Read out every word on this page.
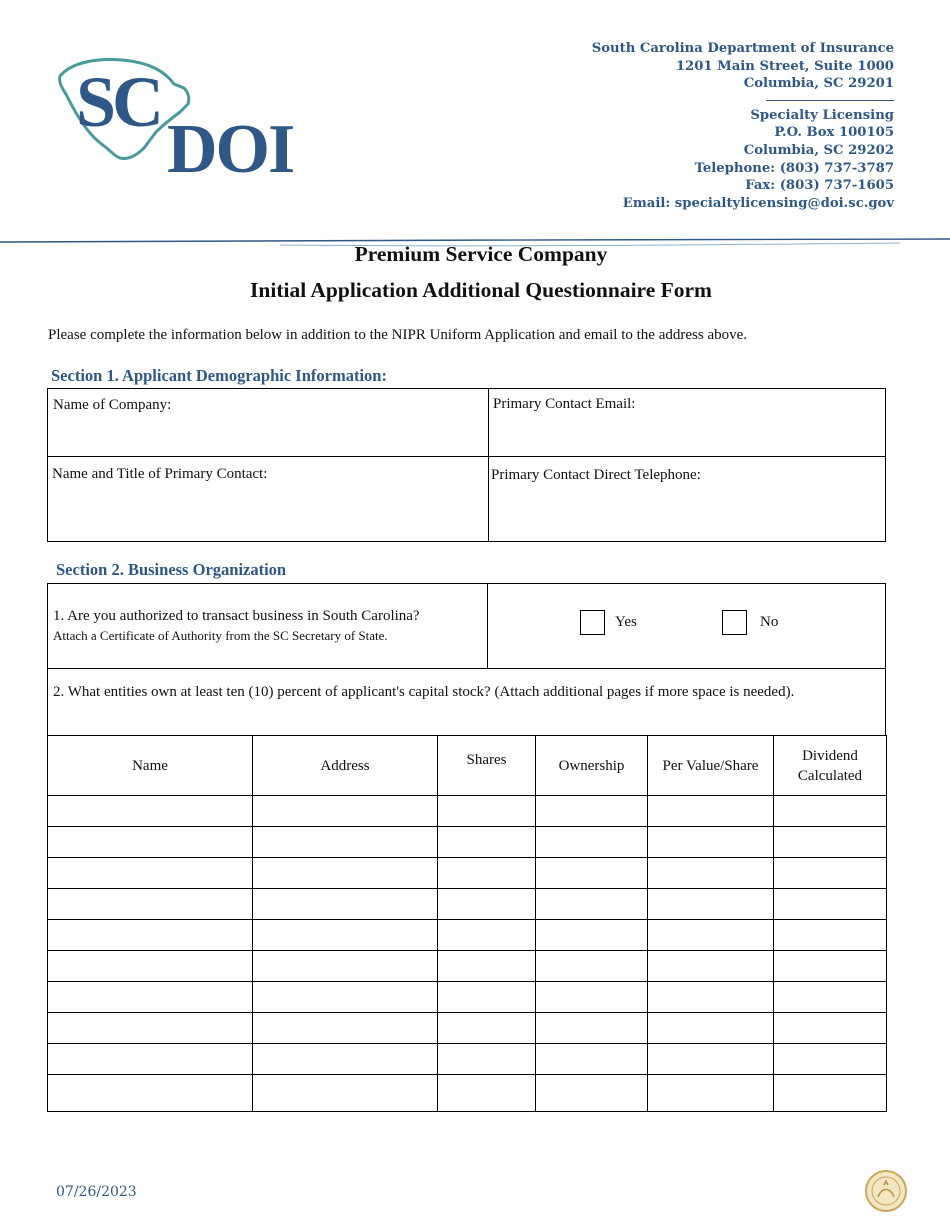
SC
DOI
South Carolina Department of Insurance
1201 Main Street, Suite 1000
Columbia, SC 29201
Specialty Licensing
P.O. Box 100105
Columbia, SC 29202
Telephone: (803) 737-3787
Fax: (803) 737-1605
Email: specialtylicensing@doi.sc.gov
Premium Service Company
Initial Application Additional Questionnaire Form
Please complete the information below in addition to the NIPR Uniform Application and email to the address above.
Section 1. Applicant Demographic Information:
Name of Company:	Primary Contact Email:
Name and Title of Primary Contact:	Primary Contact Direct Telephone:
Section 2. Business Organization
1. Are you authorized to transact business in South Carolina?
Attach a Certificate of Authority from the SC Secretary of State.
Yes	No
2. What entities own at least ten (10) percent of applicant's capital stock? (Attach additional pages if more space is needed).
Name	Address	Shares	Ownership	Per Value/Share	Dividend Calculated

07/26/2023
